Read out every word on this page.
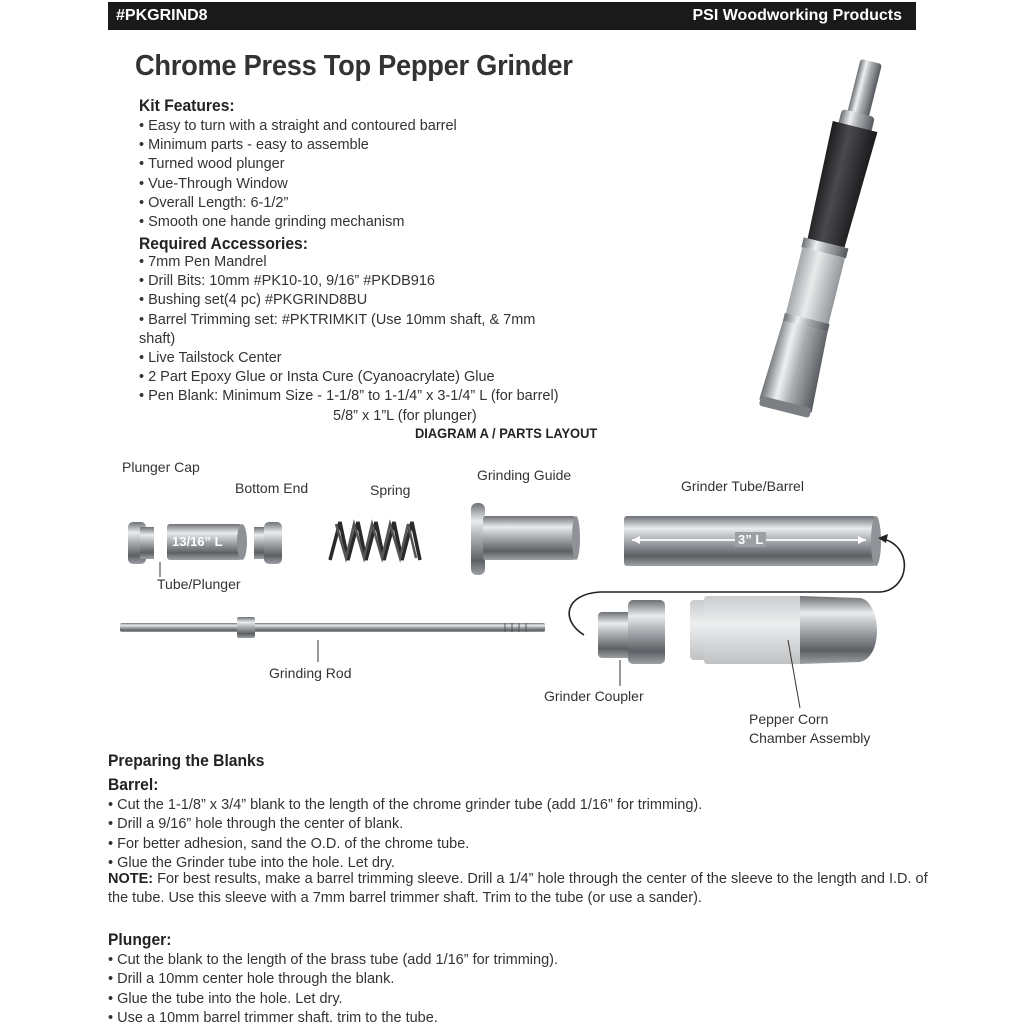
#PKGRIND8	PSI Woodworking Products
Chrome Press Top Pepper Grinder
Kit Features:
• Easy to turn with a straight and contoured barrel
• Minimum parts - easy to assemble
• Turned wood plunger
• Vue-Through Window
• Overall Length: 6-1/2”
• Smooth one hande grinding mechanism
Required Accessories:
• 7mm Pen Mandrel
• Drill Bits: 10mm #PK10-10, 9/16” #PKDB916
• Bushing set(4 pc) #PKGRIND8BU
• Barrel Trimming set: #PKTRIMKIT (Use 10mm shaft, & 7mm
shaft)
• Live Tailstock Center
• 2 Part Epoxy Glue or Insta Cure (Cyanoacrylate) Glue
• Pen Blank: Minimum Size - 1-1/8” to 1-1/4” x 3-1/4” L (for barrel)
5/8” x 1”L (for plunger)
DIAGRAM A / PARTS LAYOUT
Plunger Cap
Bottom End	Spring
Grinding Guide
Grinder Tube/Barrel
13/16” L	3” L
Tube/Plunger
Grinding Rod
Grinder Coupler
Pepper Corn
Chamber Assembly
Preparing the Blanks
Barrel:
• Cut the 1-1/8” x 3/4” blank to the length of the chrome grinder tube (add 1/16” for trimming).
• Drill a 9/16” hole through the center of blank.
• For better adhesion, sand the O.D. of the chrome tube.
• Glue the Grinder tube into the hole. Let dry.

NOTE: For best results, make a barrel trimming sleeve. Drill a 1/4” hole through the center of the sleeve to the length and I.D. of the tube. Use this sleeve with a 7mm barrel trimmer shaft. Trim to the tube (or use a sander).

Plunger:
• Cut the blank to the length of the brass tube (add 1/16” for trimming).
• Drill a 10mm center hole through the blank.
• Glue the tube into the hole. Let dry.
• Use a 10mm barrel trimmer shaft. trim to the tube.
